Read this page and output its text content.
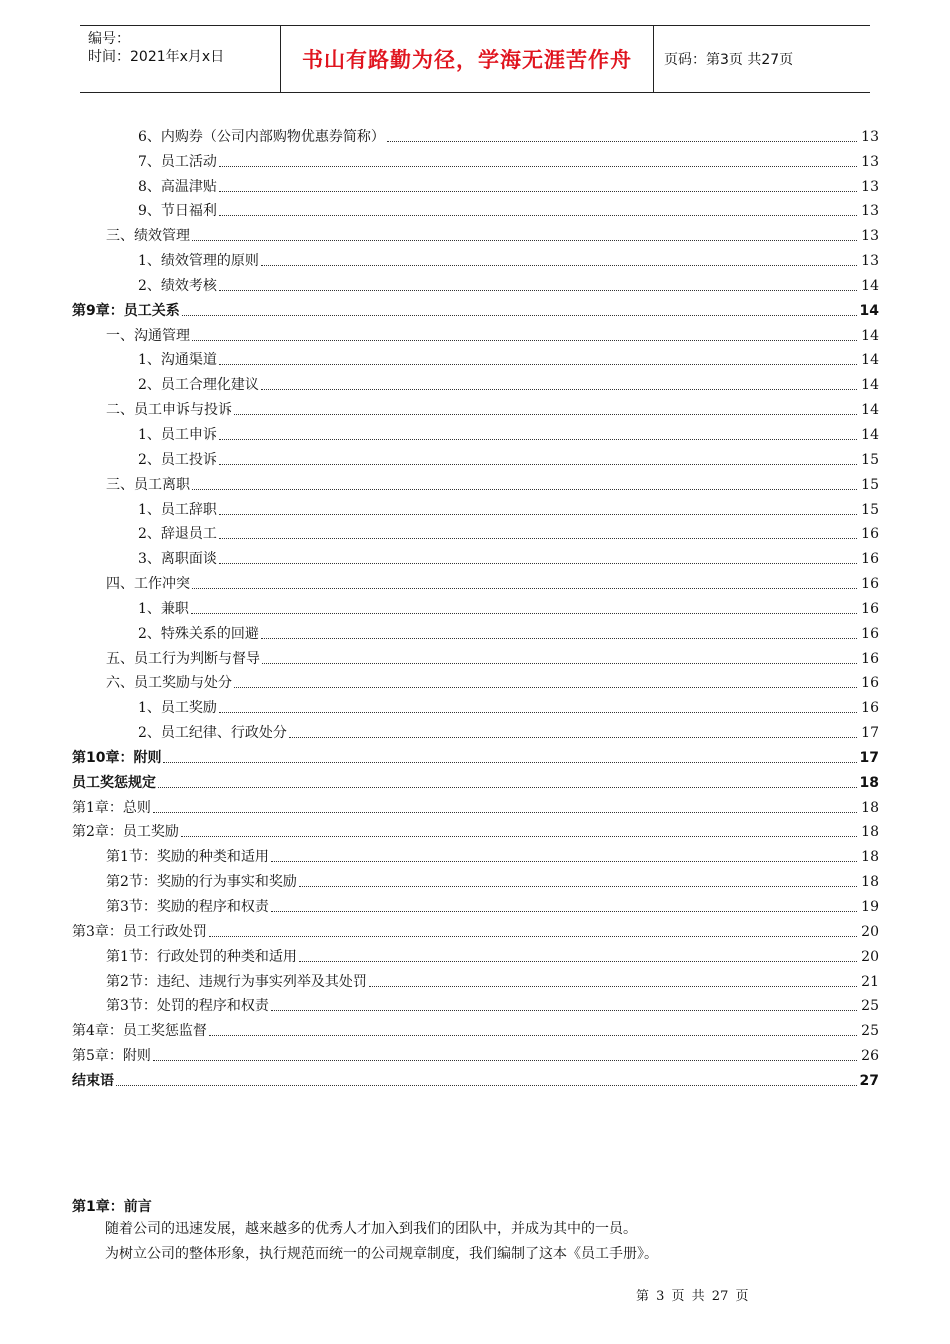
编号：
时间：2021年x月x日	书山有路勤为径，学海无涯苦作舟	页码：第3页 共27页
6、内购券（公司内部购物优惠券简称）	13
7、员工活动	13
8、高温津贴	13
9、节日福利	13
三、绩效管理	13
1、绩效管理的原则	13
2、绩效考核	14
第9章：员工关系	14
一、沟通管理	14
1、沟通渠道	14
2、员工合理化建议	14
二、员工申诉与投诉	14
1、员工申诉	14
2、员工投诉	15
三、员工离职	15
1、员工辞职	15
2、辞退员工	16
3、离职面谈	16
四、工作冲突	16
1、兼职	16
2、特殊关系的回避	16
五、员工行为判断与督导	16
六、员工奖励与处分	16
1、员工奖励	16
2、员工纪律、行政处分	17
第10章：附则	17
员工奖惩规定	18
第1章：总则	18
第2章：员工奖励	18
第1节：奖励的种类和适用	18
第2节：奖励的行为事实和奖励	18
第3节：奖励的程序和权责	19
第3章：员工行政处罚	20
第1节：行政处罚的种类和适用	20
第2节：违纪、违规行为事实列举及其处罚	21
第3节：处罚的程序和权责	25
第4章：员工奖惩监督	25
第5章：附则	26
结束语	27
第1章：前言
随着公司的迅速发展，越来越多的优秀人才加入到我们的团队中，并成为其中的一员。
为树立公司的整体形象，执行规范而统一的公司规章制度，我们编制了这本《员工手册》。
第 3 页 共 27 页
